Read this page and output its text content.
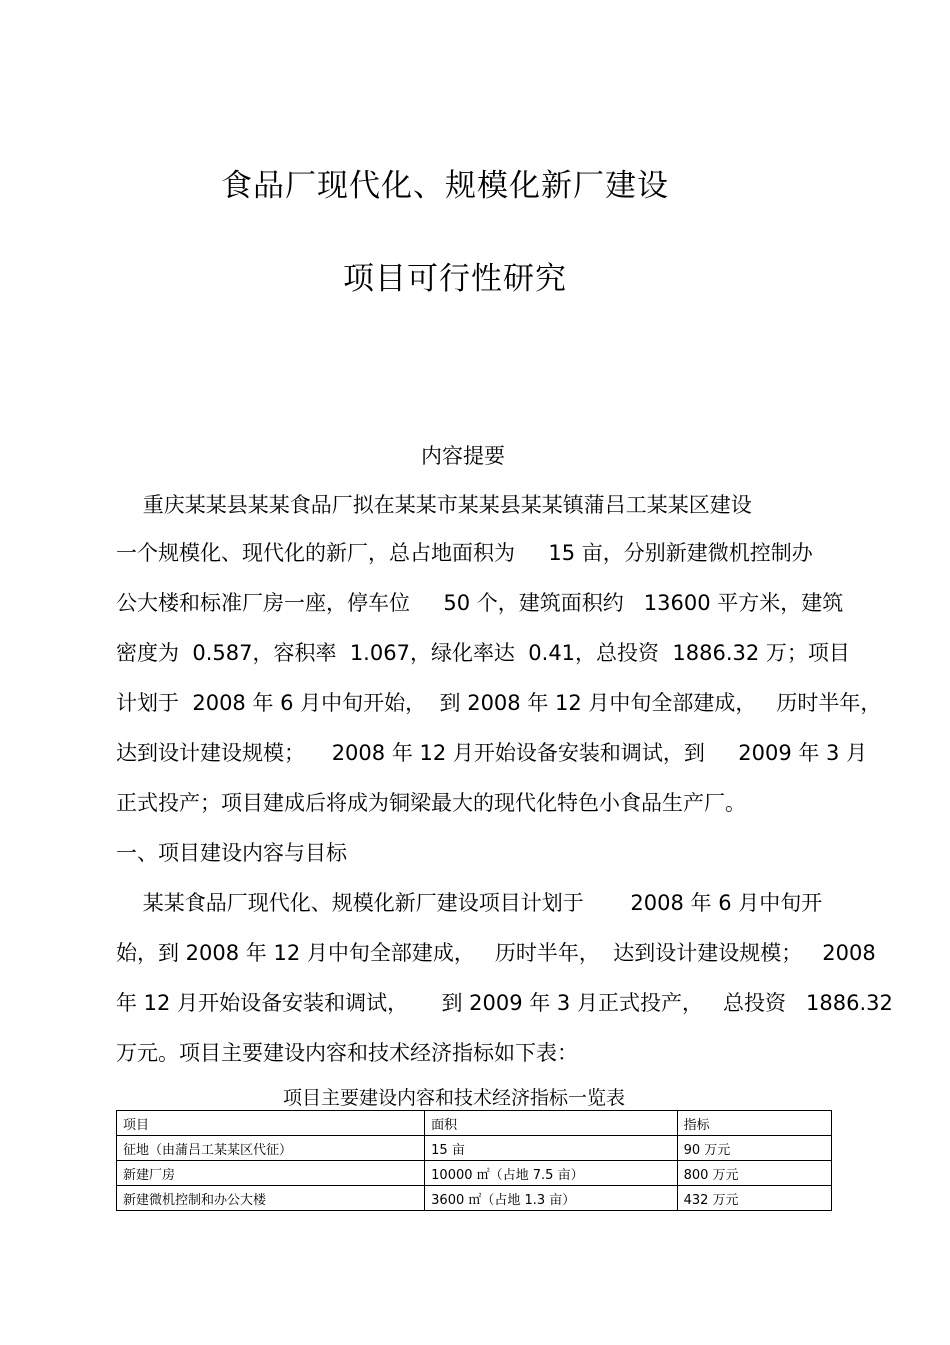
食品厂现代化、规模化新厂建设
项目可行性研究
内容提要
重庆某某县某某食品厂拟在某某市某某县某某镇蒲吕工某某区建设
一个规模化、现代化的新厂，总占地面积为     15 亩，分别新建微机控制办
公大楼和标准厂房一座，停车位     50 个，建筑面积约   13600 平方米，建筑
密度为  0.587，容积率  1.067，绿化率达  0.41，总投资  1886.32 万；项目
计划于  2008 年 6 月中旬开始，  到 2008 年 12 月中旬全部建成，   历时半年，
达到设计建设规模；    2008 年 12 月开始设备安装和调试，到     2009 年 3 月
正式投产；项目建成后将成为铜梁最大的现代化特色小食品生产厂。
一、项目建设内容与目标
某某食品厂现代化、规模化新厂建设项目计划于       2008 年 6 月中旬开
始，到 2008 年 12 月中旬全部建成，   历时半年，  达到设计建设规模；   2008
年 12 月开始设备安装和调试，     到 2009 年 3 月正式投产，   总投资   1886.32
万元。项目主要建设内容和技术经济指标如下表：
项目主要建设内容和技术经济指标一览表
项目	面积	指标
征地（由蒲吕工某某区代征）	15 亩	90 万元
新建厂房	10000 ㎡（占地 7.5 亩）	800 万元
新建微机控制和办公大楼	3600 ㎡（占地 1.3 亩）	432 万元
